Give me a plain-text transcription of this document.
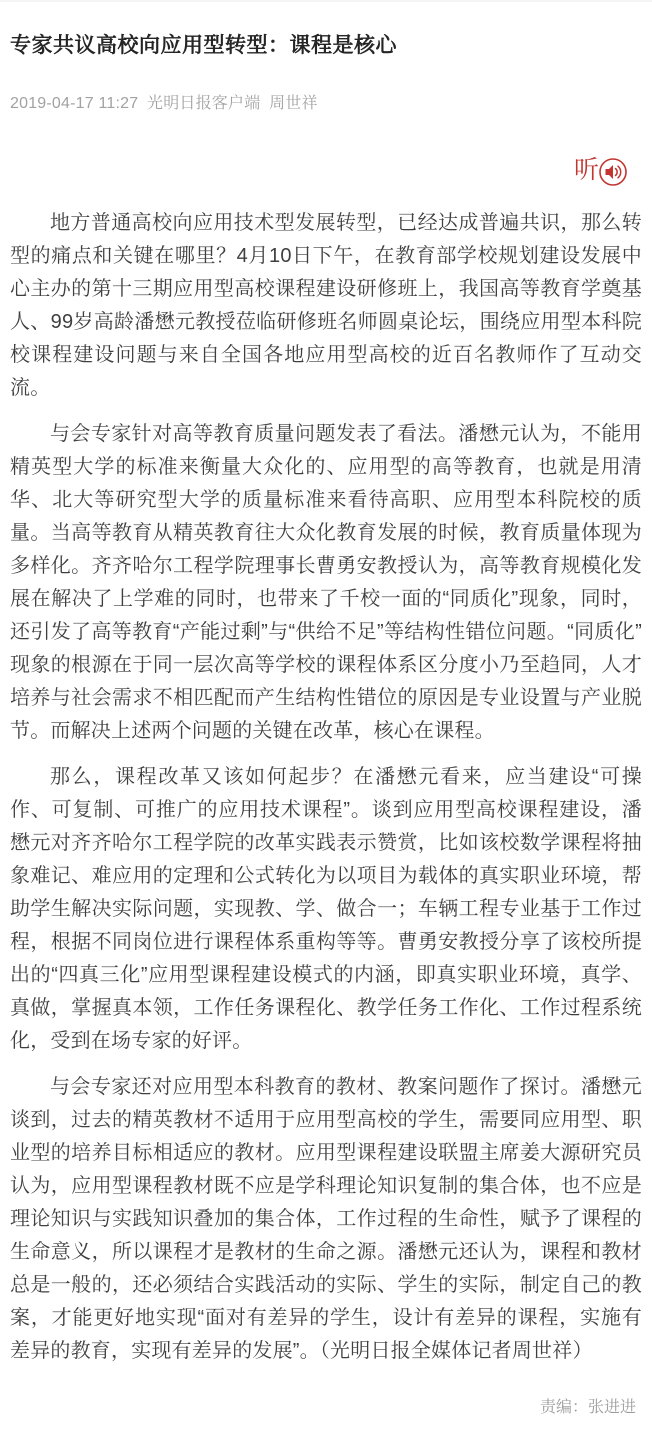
专家共议高校向应用型转型：课程是核心
2019-04-17 11:27 光明日报客户端 周世祥
听

地方普通高校向应用技术型发展转型，已经达成普遍共识，那么转型的痛点和关键在哪里？4月10日下午，在教育部学校规划建设发展中心主办的第十三期应用型高校课程建设研修班上，我国高等教育学奠基人、99岁高龄潘懋元教授莅临研修班名师圆桌论坛，围绕应用型本科院校课程建设问题与来自全国各地应用型高校的近百名教师作了互动交流。

与会专家针对高等教育质量问题发表了看法。潘懋元认为，不能用精英型大学的标准来衡量大众化的、应用型的高等教育，也就是用清华、北大等研究型大学的质量标准来看待高职、应用型本科院校的质量。当高等教育从精英教育往大众化教育发展的时候，教育质量体现为多样化。齐齐哈尔工程学院理事长曹勇安教授认为，高等教育规模化发展在解决了上学难的同时，也带来了千校一面的“同质化”现象，同时，还引发了高等教育“产能过剩”与“供给不足”等结构性错位问题。“同质化”现象的根源在于同一层次高等学校的课程体系区分度小乃至趋同，人才培养与社会需求不相匹配而产生结构性错位的原因是专业设置与产业脱节。而解决上述两个问题的关键在改革，核心在课程。

那么，课程改革又该如何起步？在潘懋元看来，应当建设“可操作、可复制、可推广的应用技术课程”。谈到应用型高校课程建设，潘懋元对齐齐哈尔工程学院的改革实践表示赞赏，比如该校数学课程将抽象难记、难应用的定理和公式转化为以项目为载体的真实职业环境，帮助学生解决实际问题，实现教、学、做合一；车辆工程专业基于工作过程，根据不同岗位进行课程体系重构等等。曹勇安教授分享了该校所提出的“四真三化”应用型课程建设模式的内涵，即真实职业环境，真学、真做，掌握真本领，工作任务课程化、教学任务工作化、工作过程系统化，受到在场专家的好评。

与会专家还对应用型本科教育的教材、教案问题作了探讨。潘懋元谈到，过去的精英教材不适用于应用型高校的学生，需要同应用型、职业型的培养目标相适应的教材。应用型课程建设联盟主席姜大源研究员认为，应用型课程教材既不应是学科理论知识复制的集合体，也不应是理论知识与实践知识叠加的集合体，工作过程的生命性，赋予了课程的生命意义，所以课程才是教材的生命之源。潘懋元还认为，课程和教材总是一般的，还必须结合实践活动的实际、学生的实际，制定自己的教案，才能更好地实现“面对有差异的学生，设计有差异的课程，实施有差异的教育，实现有差异的发展”。（光明日报全媒体记者周世祥）

责编：张进进
